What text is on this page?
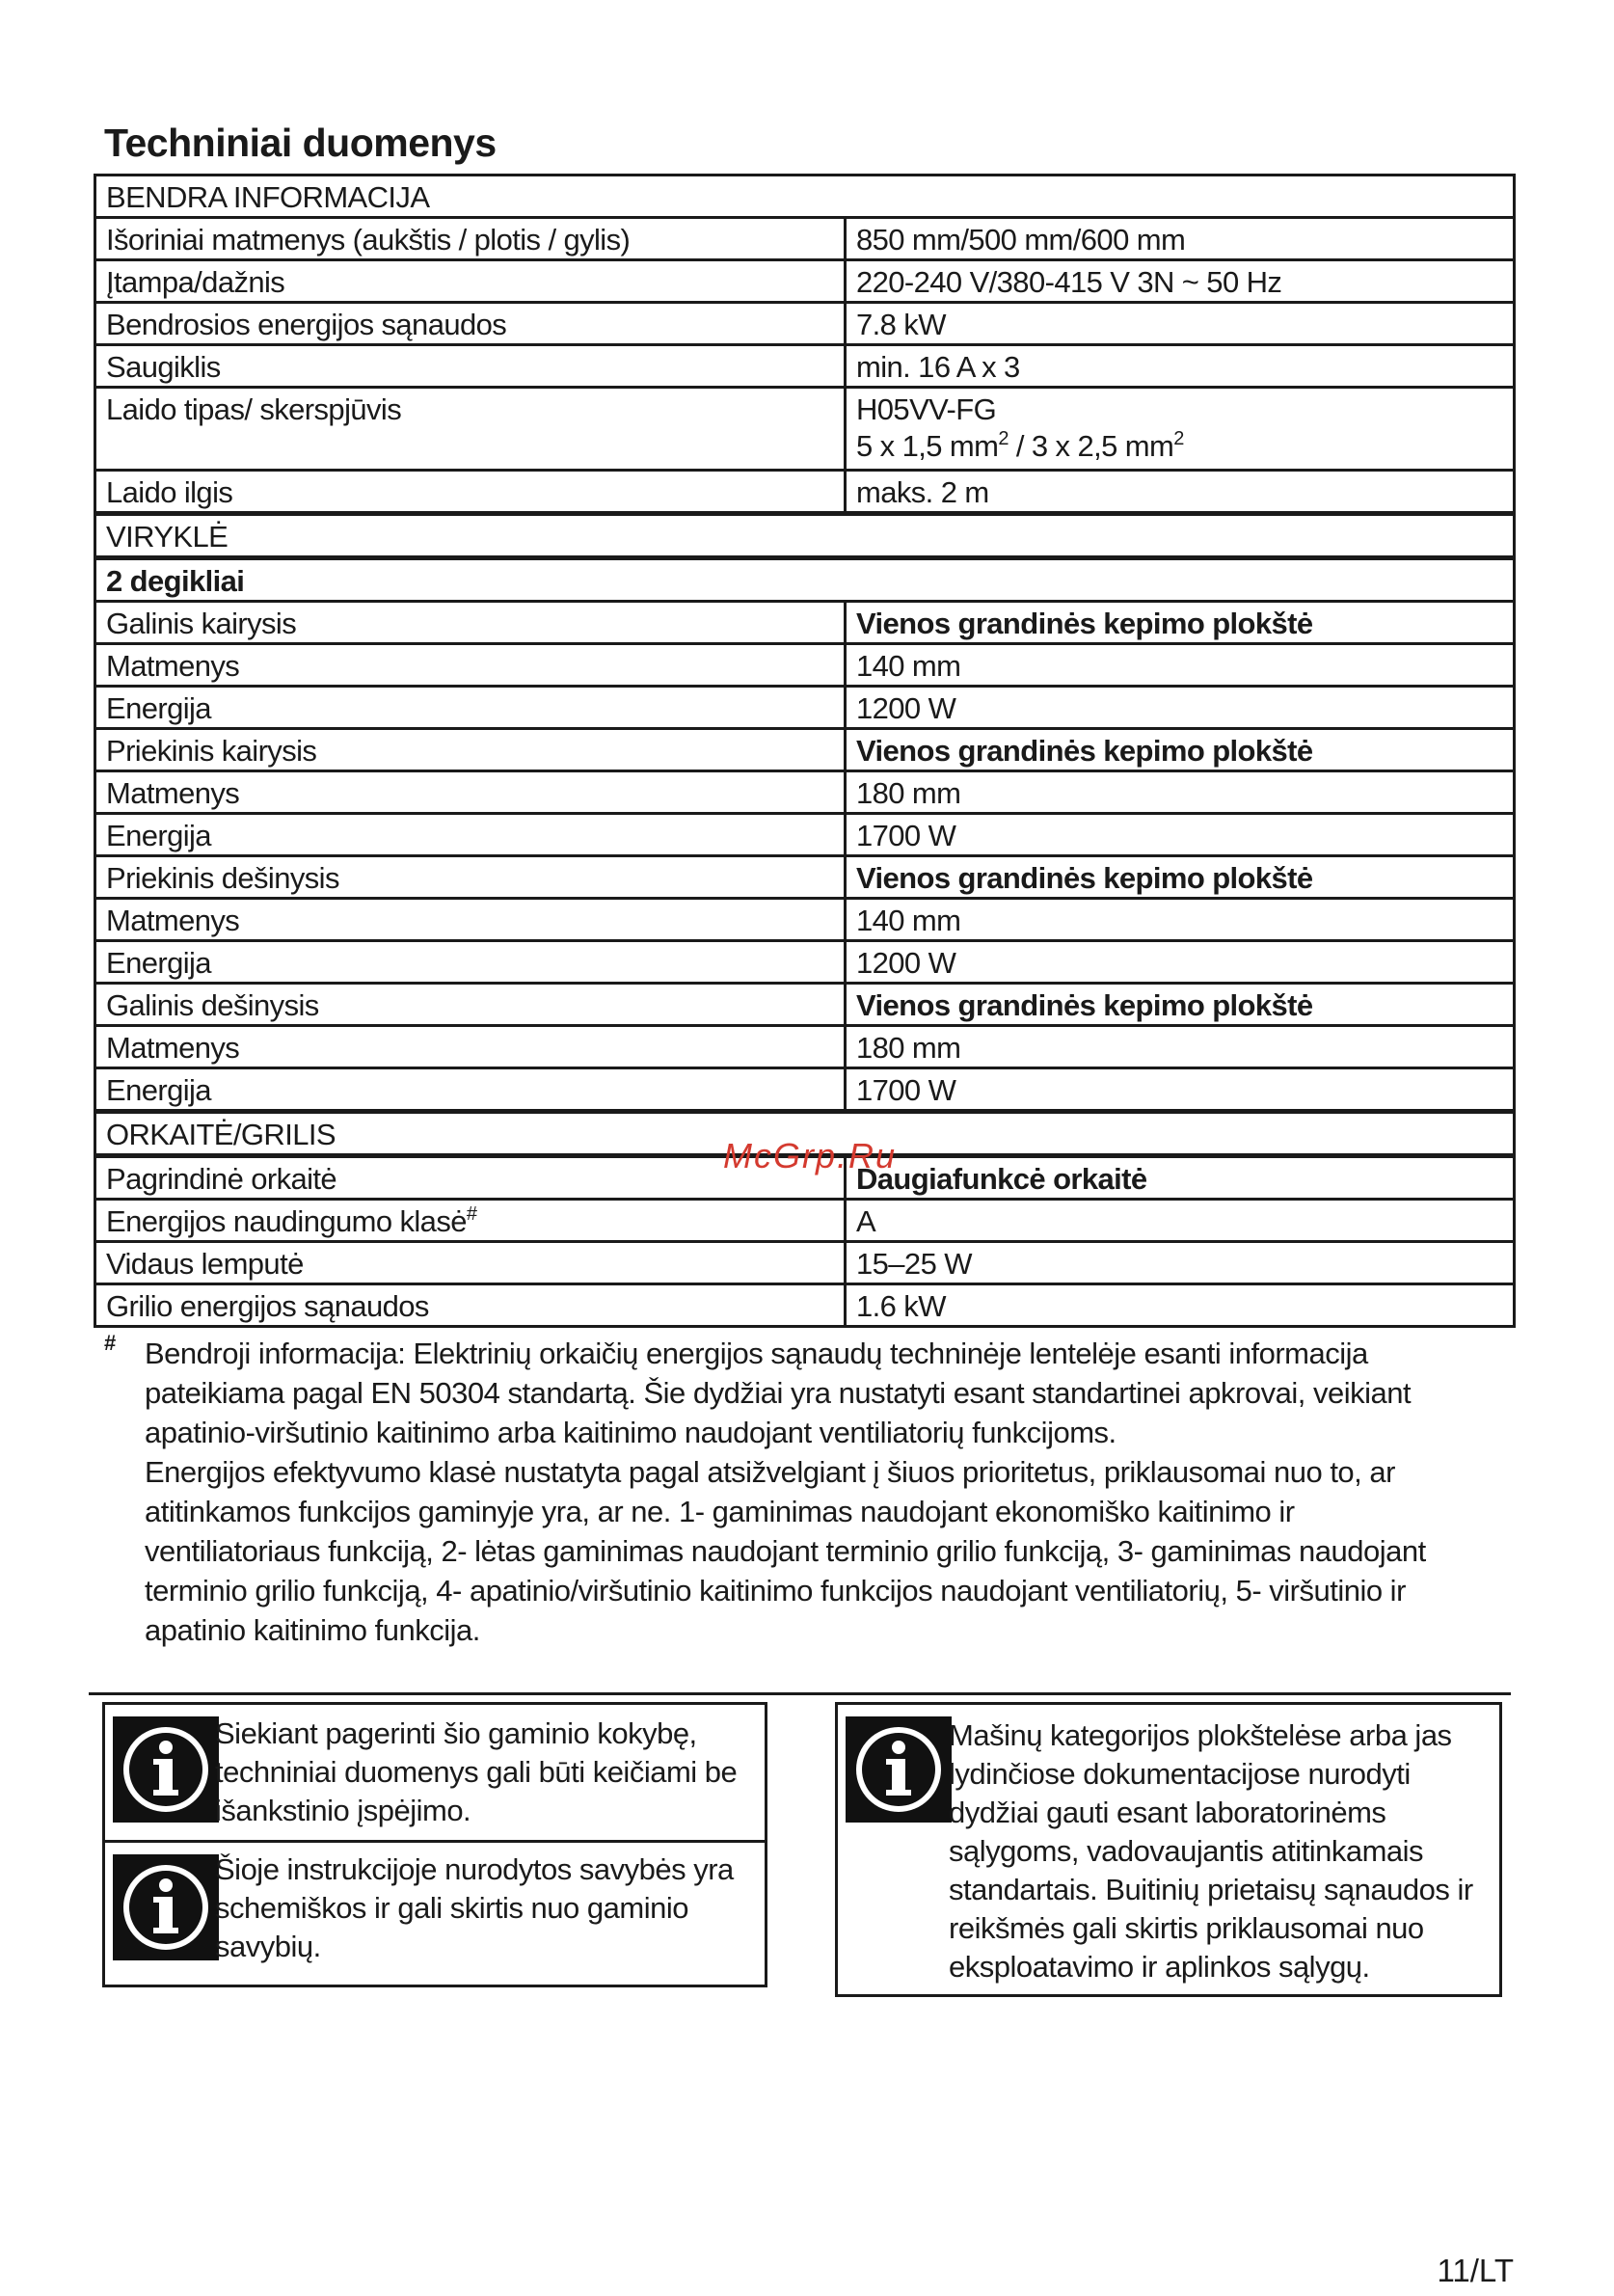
Techniniai duomenys
BENDRA INFORMACIJA	
Išoriniai matmenys (aukštis / plotis / gylis)	850 mm/500 mm/600 mm
Įtampa/dažnis	220-240 V/380-415 V 3N ~ 50 Hz
Bendrosios energijos sąnaudos	7.8 kW
Saugiklis	min. 16 A x 3
Laido tipas/ skerspjūvis	H05VV-FG
5 x 1,5 $mm^2 / 3$ x 2,5 $mm^2$
Laido ilgis	maks. 2 m
VIRYKLĖ	
2 degikliai	
Galinis kairysis	Vienos grandinės kepimo plokštė
Matmenys	140 mm
Energija	1200 W
Priekinis kairysis	Vienos grandinės kepimo plokštė
Matmenys	180 mm
Energija	1700 W
Priekinis dešinysis	Vienos grandinės kepimo plokštė
Matmenys	140 mm
Energija	1200 W
Galinis dešinysis	Vienos grandinės kepimo plokštė
Matmenys	180 mm
Energija	1700 W
ORKAITĖ/GRILIS	
Pagrindinė orkaitė	Daugiafunkcė orkaitė
Energijos naudingumo klasė#	A
Vidaus lemputė	15–25 W
Grilio energijos sąnaudos	1.6 kW
McGrp.Ru
# Bendroji informacija: Elektrinių orkaičių energijos sąnaudų techninėje lentelėje esanti informacija pateikiama pagal EN 50304 standartą. Šie dydžiai yra nustatyti esant standartinei apkrovai, veikiant apatinio-viršutinio kaitinimo arba kaitinimo naudojant ventiliatorių funkcijoms.

Energijos efektyvumo klasė nustatyta pagal atsižvelgiant į šiuos prioritetus, priklausomai nuo to, ar atitinkamos funkcijos gaminyje yra, ar ne. 1- gaminimas naudojant ekonomiško kaitinimo ir ventiliatoriaus funkciją, 2- lėtas gaminimas naudojant terminio grilio funkciją, 3- gaminimas naudojant terminio grilio funkciją, 4- apatinio/viršutinio kaitinimo funkcijos naudojant ventiliatorių, 5- viršutinio ir apatinio kaitinimo funkcija.

Siekiant pagerinti šio gaminio kokybę, techniniai duomenys gali būti keičiami be išankstinio įspėjimo.
Šioje instrukcijoje nurodytos savybės yra schemiškos ir gali skirtis nuo gaminio savybių.
Mašinų kategorijos plokštelėse arba jas lydinčiose dokumentacijose nurodyti dydžiai gauti esant laboratorinėms sąlygoms, vadovaujantis atitinkamais standartais. Buitinių prietaisų sąnaudos ir reikšmės gali skirtis priklausomai nuo eksploatavimo ir aplinkos sąlygų.
11/LT
